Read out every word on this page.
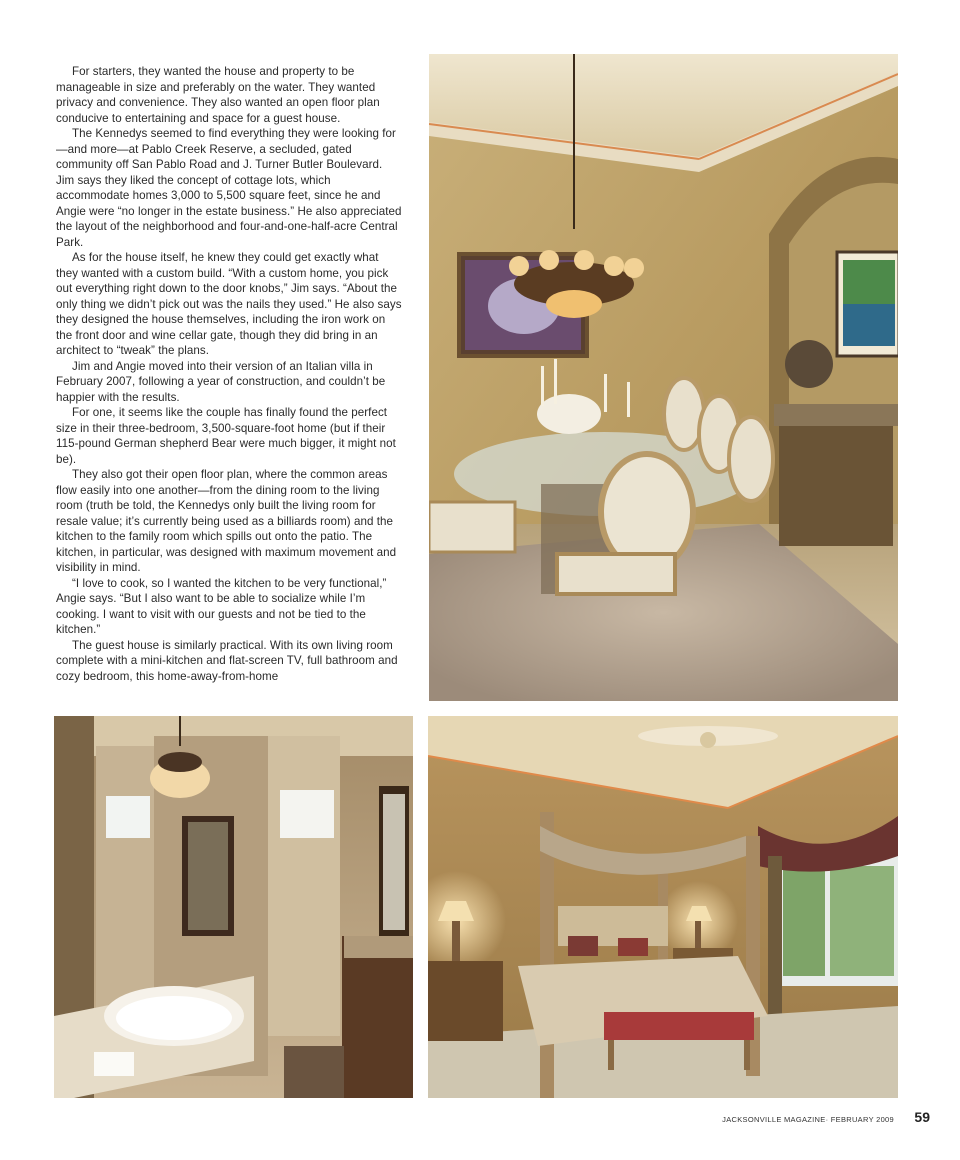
For starters, they wanted the house and property to be manageable in size and preferably on the water. They wanted privacy and convenience. They also wanted an open floor plan conducive to entertaining and space for a guest house.

The Kennedys seemed to find everything they were looking for—and more—at Pablo Creek Reserve, a secluded, gated community off San Pablo Road and J. Turner Butler Boulevard. Jim says they liked the concept of cottage lots, which accommodate homes 3,000 to 5,500 square feet, since he and Angie were “no longer in the estate business.” He also appreciated the layout of the neighborhood and four-and-one-half-acre Central Park.

As for the house itself, he knew they could get exactly what they wanted with a custom build. “With a custom home, you pick out everything right down to the door knobs,” Jim says. “About the only thing we didn’t pick out was the nails they used.” He also says they designed the house themselves, including the iron work on the front door and wine cellar gate, though they did bring in an architect to “tweak” the plans.

Jim and Angie moved into their version of an Italian villa in February 2007, following a year of construction, and couldn’t be happier with the results.

For one, it seems like the couple has finally found the perfect size in their three-bedroom, 3,500-square-foot home (but if their 115-pound German shepherd Bear were much bigger, it might not be).

They also got their open floor plan, where the common areas flow easily into one another—from the dining room to the living room (truth be told, the Kennedys only built the living room for resale value; it’s currently being used as a billiards room) and the kitchen to the family room which spills out onto the patio. The kitchen, in particular, was designed with maximum movement and visibility in mind.

“I love to cook, so I wanted the kitchen to be very functional,” Angie says. “But I also want to be able to socialize while I’m cooking. I want to visit with our guests and not be tied to the kitchen.”

The guest house is similarly practical. With its own living room complete with a mini-kitchen and flat-screen TV, full bathroom and cozy bedroom, this home-away-from-home

JACKSONVILLE MAGAZINE· FEBRUARY 2009 59
